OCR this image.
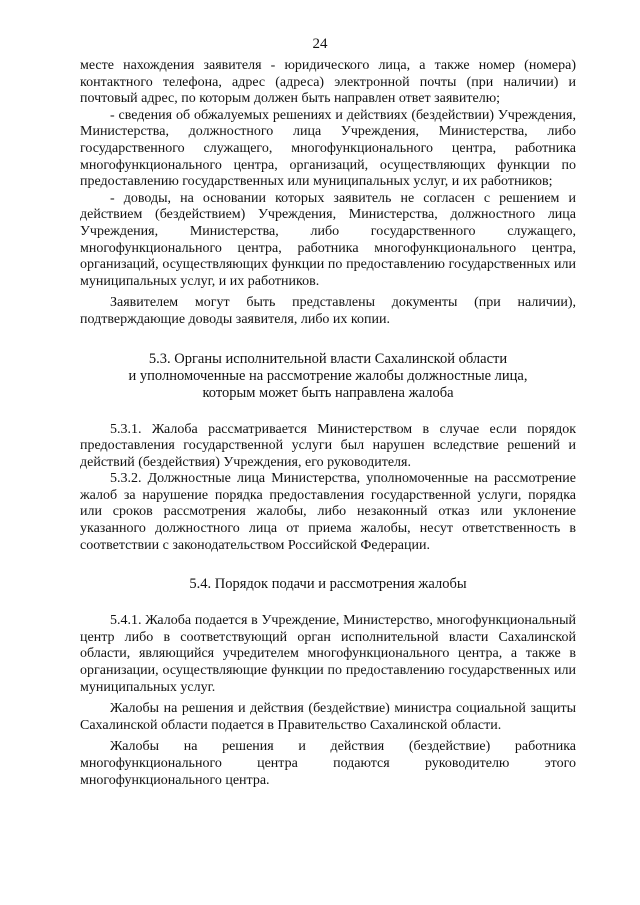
24

месте нахождения заявителя - юридического лица, а также номер (номера) контактного телефона, адрес (адреса) электронной почты (при наличии) и почтовый адрес, по которым должен быть направлен ответ заявителю;

- сведения об обжалуемых решениях и действиях (бездействии) Учреждения, Министерства, должностного лица Учреждения, Министерства, либо государственного служащего, многофункционального центра, работника многофункционального центра, организаций, осуществляющих функции по предоставлению государственных или муниципальных услуг, и их работников;

- доводы, на основании которых заявитель не согласен с решением и действием (бездействием) Учреждения, Министерства, должностного лица Учреждения, Министерства, либо государственного служащего, многофункционального центра, работника многофункционального центра, организаций, осуществляющих функции по предоставлению государственных или муниципальных услуг, и их работников.

Заявителем могут быть представлены документы (при наличии), подтверждающие доводы заявителя, либо их копии.

5.3. Органы исполнительной власти Сахалинской области
и уполномоченные на рассмотрение жалобы должностные лица,
которым может быть направлена жалоба

5.3.1. Жалоба рассматривается Министерством в случае если порядок предоставления государственной услуги был нарушен вследствие решений и действий (бездействия) Учреждения, его руководителя.

5.3.2. Должностные лица Министерства, уполномоченные на рассмотрение жалоб за нарушение порядка предоставления государственной услуги, порядка или сроков рассмотрения жалобы, либо незаконный отказ или уклонение указанного должностного лица от приема жалобы, несут ответственность в соответствии с законодательством Российской Федерации.

5.4. Порядок подачи и рассмотрения жалобы

5.4.1. Жалоба подается в Учреждение, Министерство, многофункциональный центр либо в соответствующий орган исполнительной власти Сахалинской области, являющийся учредителем многофункционального центра, а также в организации, осуществляющие функции по предоставлению государственных или муниципальных услуг.

Жалобы на решения и действия (бездействие) министра социальной защиты Сахалинской области подается в Правительство Сахалинской области.

Жалобы на решения и действия (бездействие) работника многофункционального центра подаются руководителю этого многофункционального центра.
